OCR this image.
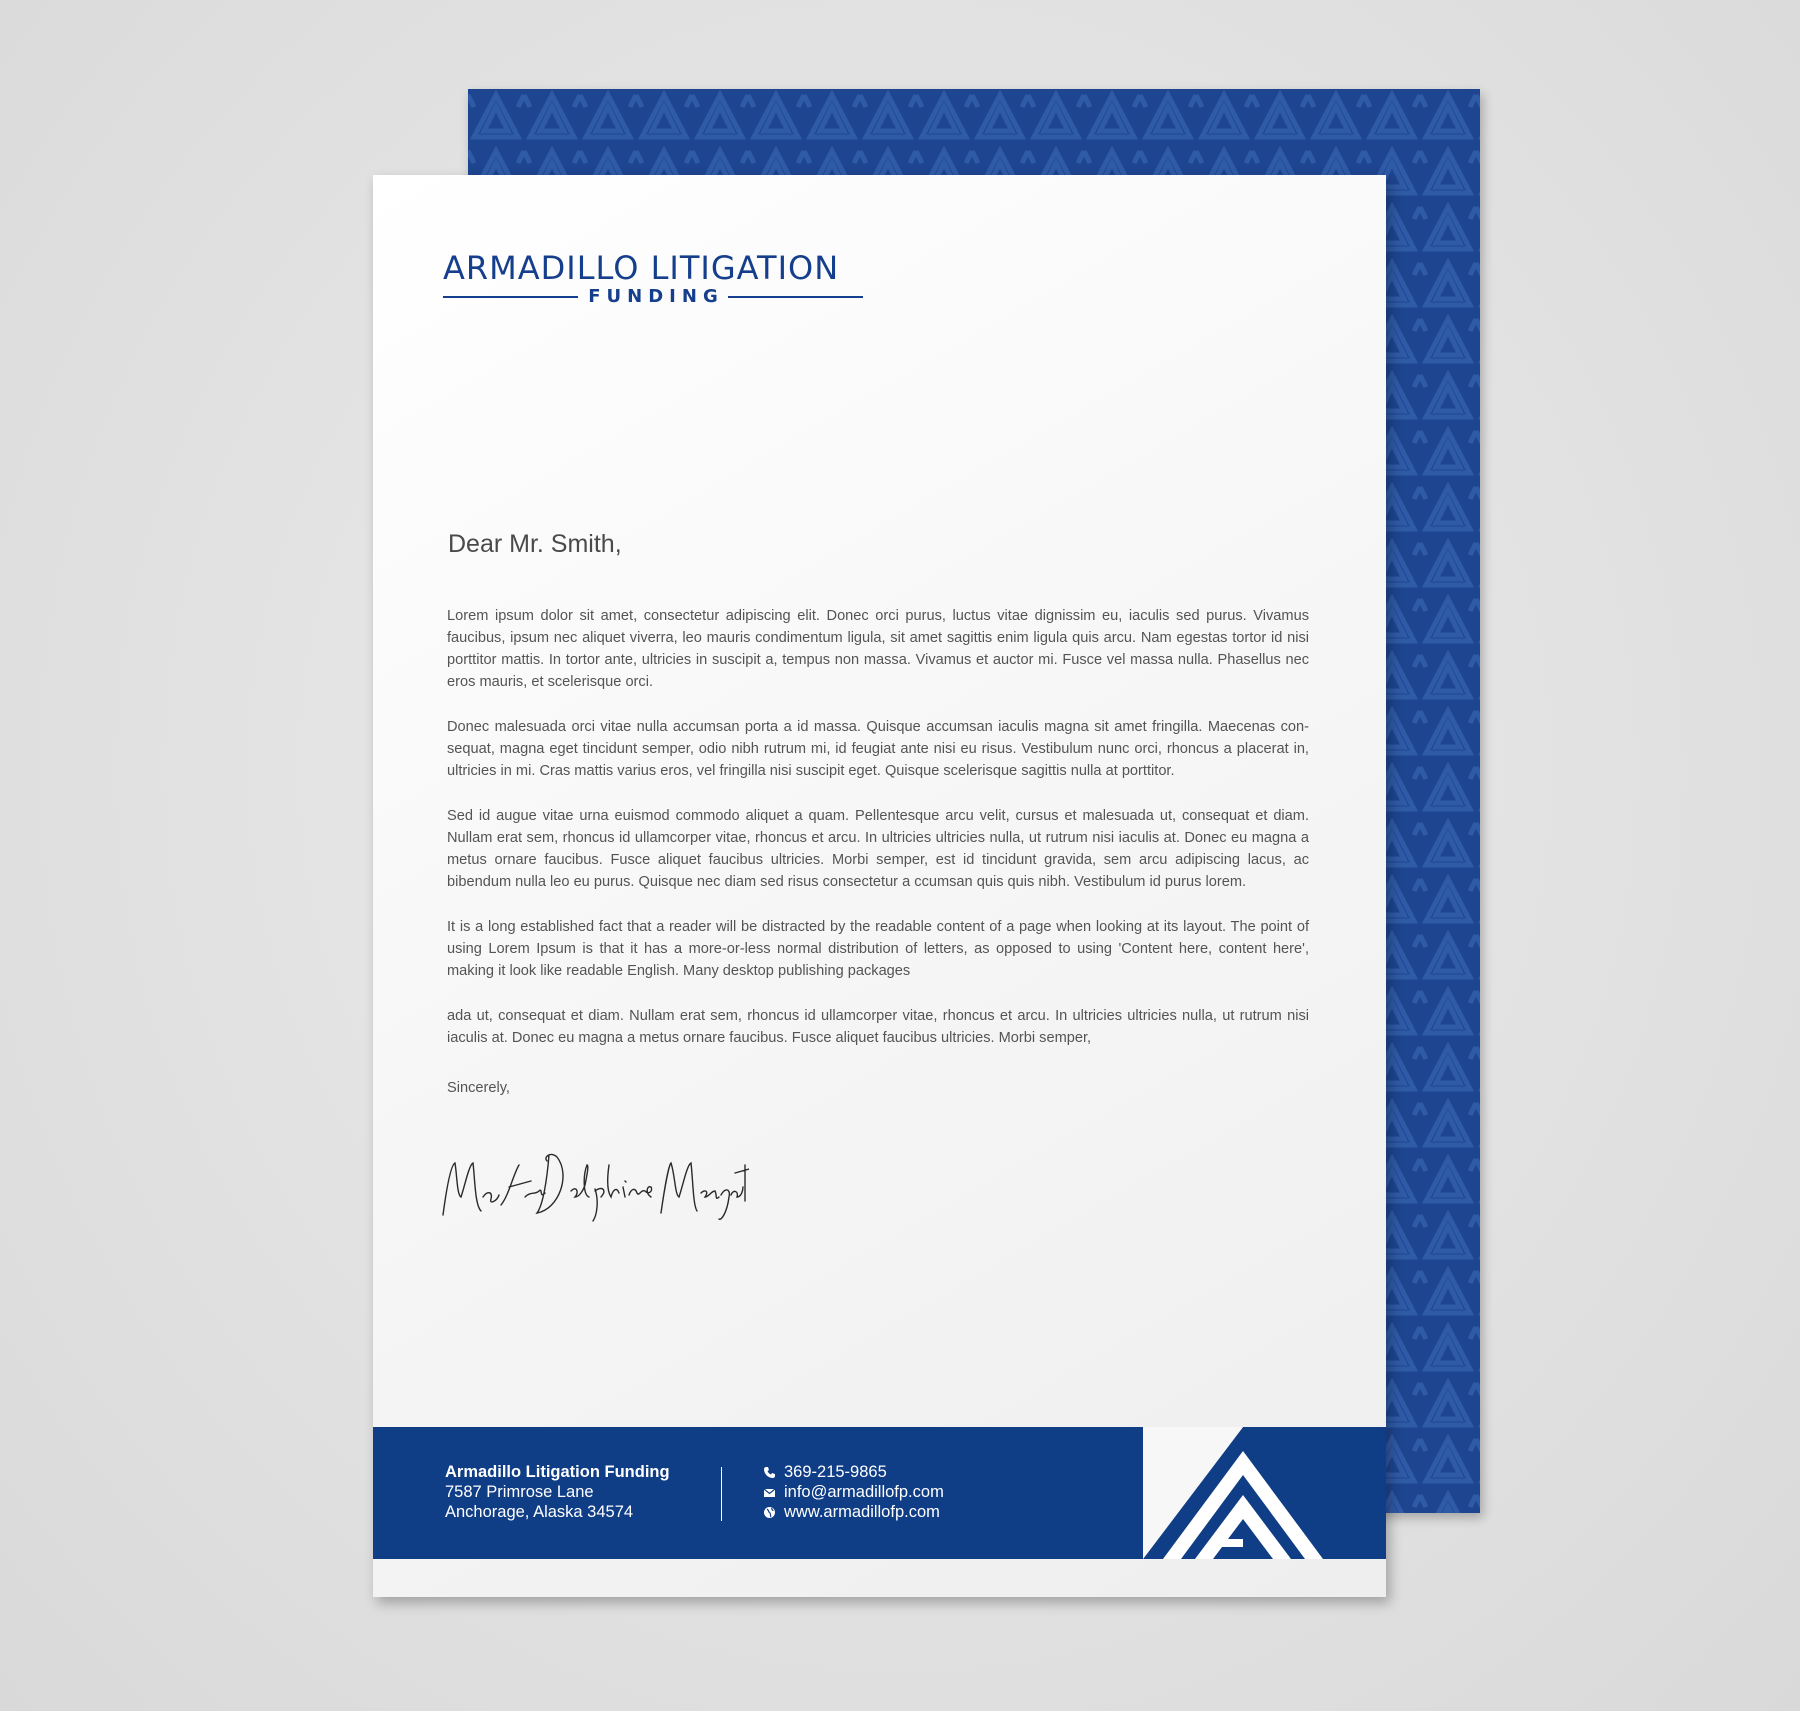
ARMADILLO LITIGATION
FUNDING
Dear Mr. Smith,

Lorem ipsum dolor sit amet, consectetur adipiscing elit. Donec orci purus, luctus vitae dignissim eu, iaculis sed purus. Vivamus faucibus, ipsum nec aliquet viverra, leo mauris condimentum ligula, sit amet sagittis enim ligula quis arcu. Nam egestas tortor id nisi porttitor mattis. In tortor ante, ultricies in suscipit a, tempus non massa. Vivamus et auctor mi. Fusce vel massa nulla. Phasellus nec eros mauris, et scelerisque orci.

Donec malesuada orci vitae nulla accumsan porta a id massa. Quisque accumsan iaculis magna sit amet fringilla. Maecenas con-sequat, magna eget tincidunt semper, odio nibh rutrum mi, id feugiat ante nisi eu risus. Vestibulum nunc orci, rhoncus a placerat in, ultricies in mi. Cras mattis varius eros, vel fringilla nisi suscipit eget. Quisque scelerisque sagittis nulla at porttitor.

Sed id augue vitae urna euismod commodo aliquet a quam. Pellentesque arcu velit, cursus et malesuada ut, consequat et diam. Nullam erat sem, rhoncus id ullamcorper vitae, rhoncus et arcu. In ultricies ultricies nulla, ut rutrum nisi iaculis at. Donec eu magna a metus ornare faucibus. Fusce aliquet faucibus ultricies. Morbi semper, est id tincidunt gravida, sem arcu adipiscing lacus, ac bibendum nulla leo eu purus. Quisque nec diam sed risus consectetur a ccumsan quis quis nibh. Vestibulum id purus lorem.

It is a long established fact that a reader will be distracted by the readable content of a page when looking at its layout. The point of using Lorem Ipsum is that it has a more-or-less normal distribution of letters, as opposed to using 'Content here, content here', making it look like readable English. Many desktop publishing packages

ada ut, consequat et diam. Nullam erat sem, rhoncus id ullamcorper vitae, rhoncus et arcu. In ultricies ultricies nulla, ut rutrum nisi iaculis at. Donec eu magna a metus ornare faucibus. Fusce aliquet faucibus ultricies. Morbi semper,

Sincerely,
Armadillo Litigation Funding
7587 Primrose Lane
Anchorage, Alaska 34574
369-215-9865
info@armadillofp.com
www.armadillofp.com
